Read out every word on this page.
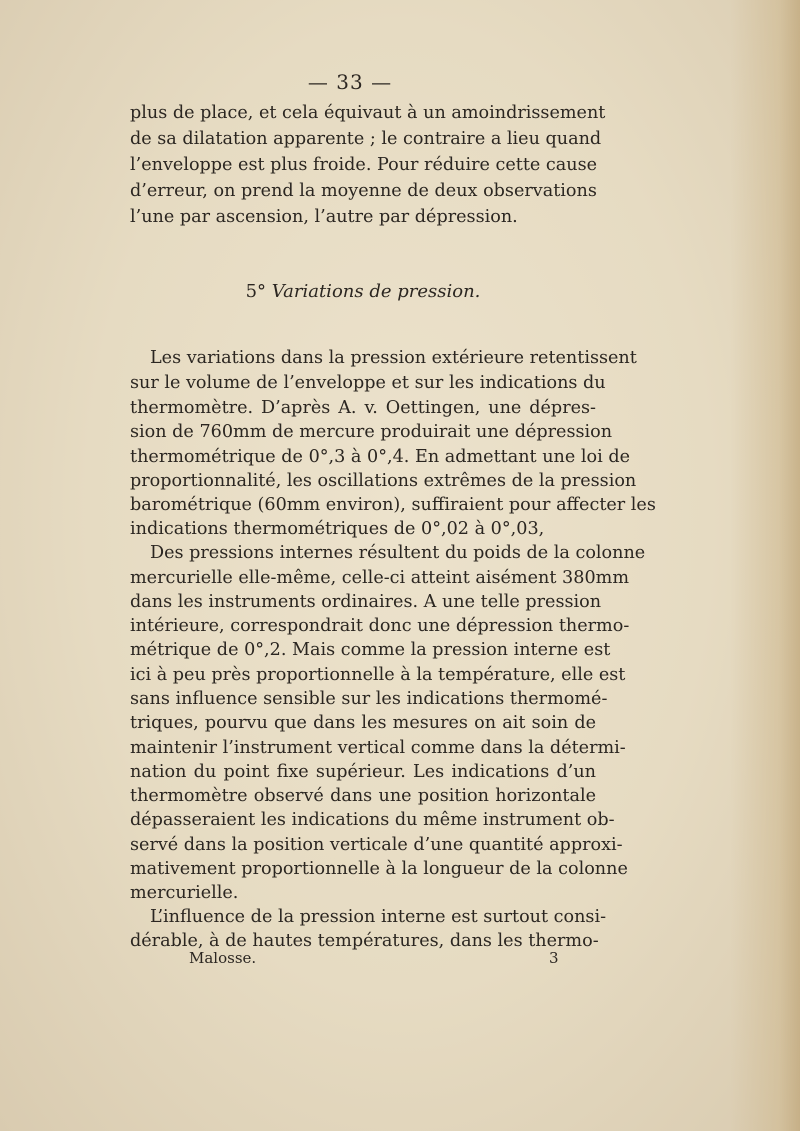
— 33 —
plus de place, et cela équivaut à un amoindrissement
de sa dilatation apparente ; le contraire a lieu quand
l’enveloppe est plus froide. Pour réduire cette cause
d’erreur, on prend la moyenne de deux observations
l’une par ascension, l’autre par dépression.
5° Variations de pression.
Les variations dans la pression extérieure retentissent
sur le volume de l’enveloppe et sur les indications du
thermomètre. D’après A. v. Oettingen, une dépres-
sion de 760mm de mercure produirait une dépression
thermométrique de 0°,3 à 0°,4. En admettant une loi de
proportionnalité, les oscillations extrêmes de la pression
barométrique (60mm environ), suffiraient pour affecter les
indications thermométriques de 0°,02 à 0°,03,
Des pressions internes résultent du poids de la colonne
mercurielle elle-même, celle-ci atteint aisément 380mm
dans les instruments ordinaires. A une telle pression
intérieure, correspondrait donc une dépression thermo-
métrique de 0°,2. Mais comme la pression interne est
ici à peu près proportionnelle à la température, elle est
sans influence sensible sur les indications thermomé-
triques, pourvu que dans les mesures on ait soin de
maintenir l’instrument vertical comme dans la détermi-
nation du point fixe supérieur. Les indications d’un
thermomètre observé dans une position horizontale
dépasseraient les indications du même instrument ob-
servé dans la position verticale d’une quantité approxi-
mativement proportionnelle à la longueur de la colonne
mercurielle.
L’influence de la pression interne est surtout consi-
dérable, à de hautes températures, dans les thermo-
Malosse.	3
